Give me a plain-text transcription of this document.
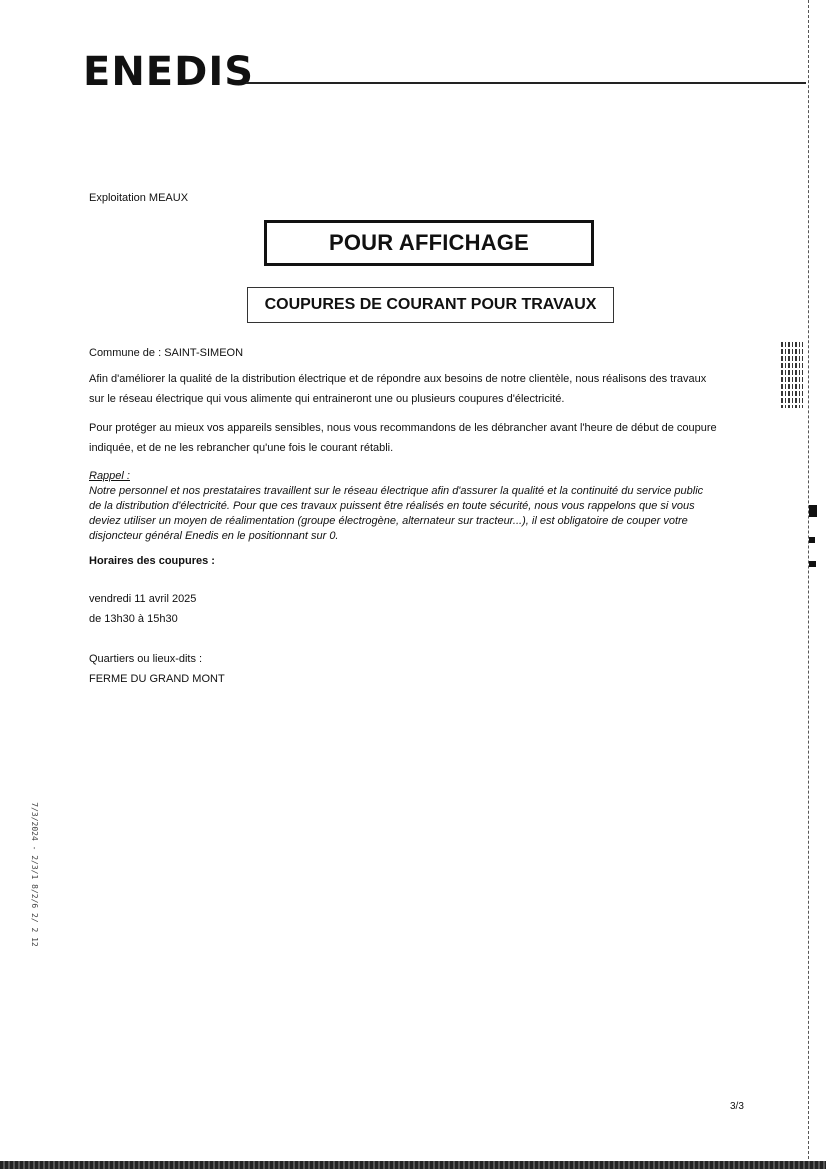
ENEDIS
Exploitation MEAUX
POUR AFFICHAGE
COUPURES DE COURANT POUR TRAVAUX
Commune de : SAINT-SIMEON
Afin d'améliorer la qualité de la distribution électrique et de répondre aux besoins de notre clientèle, nous réalisons des travaux
sur le réseau électrique qui vous alimente qui entraineront une ou plusieurs coupures d'électricité.
Pour protéger au mieux vos appareils sensibles, nous vous recommandons de les débrancher avant l'heure de début de coupure
indiquée, et de ne les rebrancher qu'une fois le courant rétabli.
Rappel :
Notre personnel et nos prestataires travaillent sur le réseau électrique afin d'assurer la qualité et la continuité du service public
de la distribution d'électricité. Pour que ces travaux puissent être réalisés en toute sécurité, nous vous rappelons que si vous
deviez utiliser un moyen de réalimentation (groupe électrogène, alternateur sur tracteur...), il est obligatoire de couper votre
disjoncteur général Enedis en le positionnant sur 0.
Horaires des coupures :
vendredi 11 avril 2025
de 13h30 à 15h30
Quartiers ou lieux-dits :
FERME DU GRAND MONT
3/3
7/3/2024 - 2/3/1 8/2/6 2/ 2 12
